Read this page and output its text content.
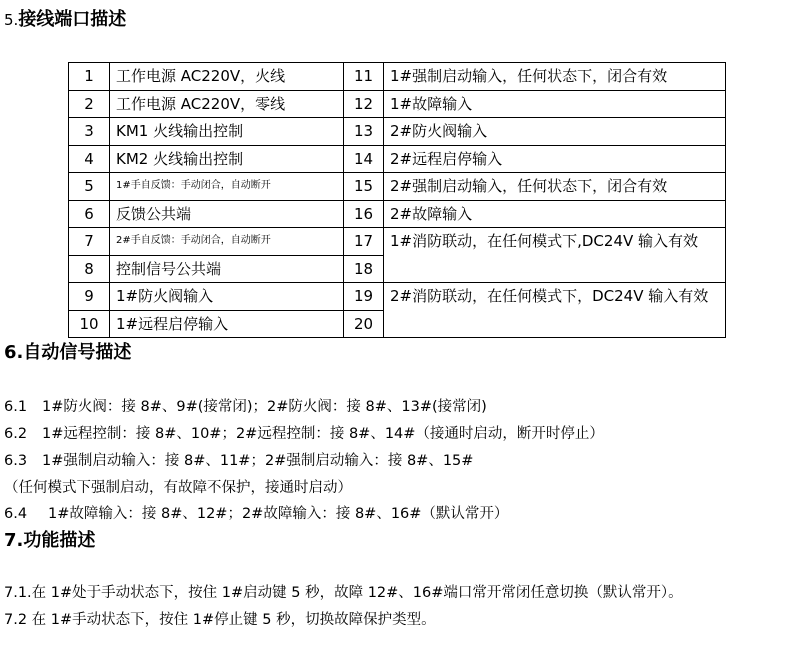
5.接线端口描述
1	工作电源 AC220V，火线	11	1#强制启动输入，任何状态下，闭合有效
2	工作电源 AC220V，零线	12	1#故障输入
3	KM1 火线输出控制	13	2#防火阀输入
4	KM2 火线输出控制	14	2#远程启停输入
5	1#手自反馈：手动闭合，自动断开	15	2#强制启动输入，任何状态下，闭合有效
6	反馈公共端	16	2#故障输入
7	2#手自反馈：手动闭合，自动断开	17	1#消防联动，在任何模式下,DC24V 输入有效
8	控制信号公共端	18	
9	1#防火阀输入	19	2#消防联动，在任何模式下，DC24V 输入有效
10	1#远程启停输入	20	
6.自动信号描述
6.1 1#防火阀：接 8#、9#(接常闭)；2#防火阀：接 8#、13#(接常闭)
6.2 1#远程控制：接 8#、10#；2#远程控制：接 8#、14#（接通时启动，断开时停止）
6.3 1#强制启动输入：接 8#、11#；2#强制启动输入：接 8#、15#
（任何模式下强制启动，有故障不保护，接通时启动）
6.4 1#故障输入：接 8#、12#；2#故障输入：接 8#、16#（默认常开）
7.功能描述
7.1.在 1#处于手动状态下，按住 1#启动键 5 秒，故障 12#、16#端口常开常闭任意切换（默认常开）。
7.2 在 1#手动状态下，按住 1#停止键 5 秒，切换故障保护类型。
